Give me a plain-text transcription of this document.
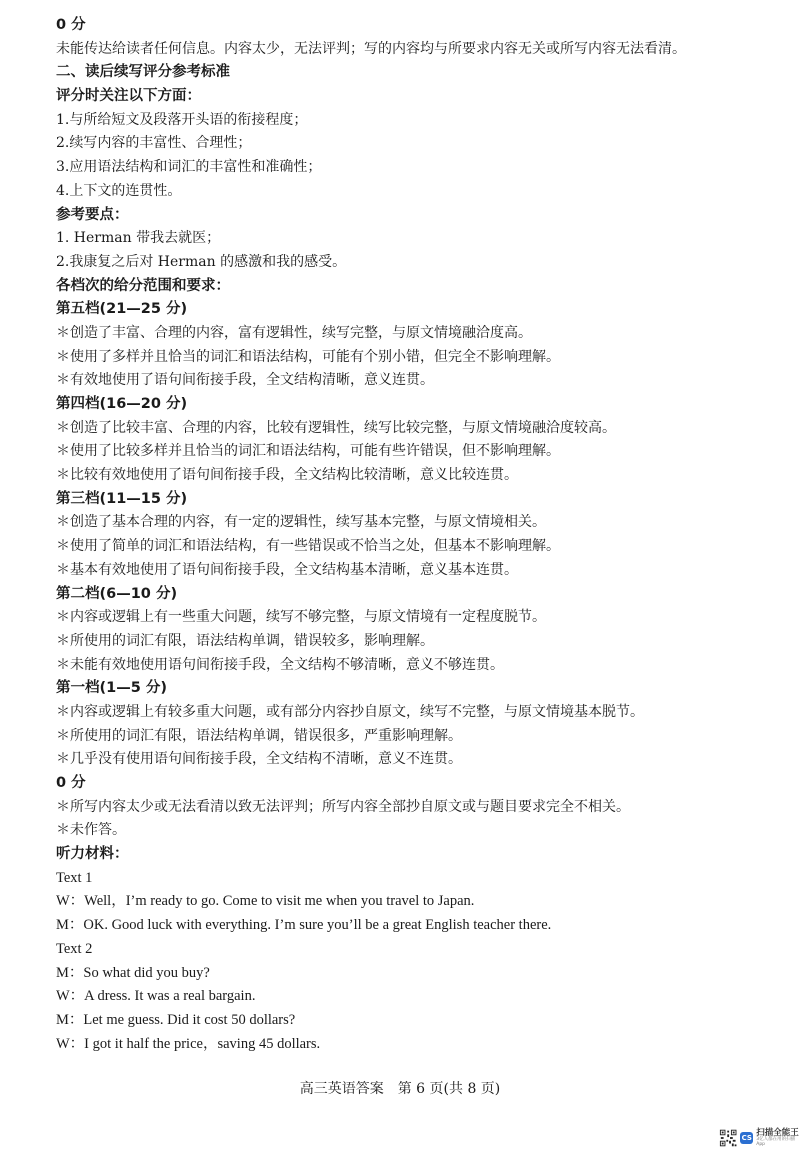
0 分
未能传达给读者任何信息。内容太少，无法评判；写的内容均与所要求内容无关或所写内容无法看清。
二、读后续写评分参考标准
评分时关注以下方面：
1.与所给短文及段落开头语的衔接程度；
2.续写内容的丰富性、合理性；
3.应用语法结构和词汇的丰富性和准确性；
4.上下文的连贯性。
参考要点：
1. Herman 带我去就医；
2.我康复之后对 Herman 的感激和我的感受。
各档次的给分范围和要求：
第五档(21—25 分)
＊创造了丰富、合理的内容，富有逻辑性，续写完整，与原文情境融洽度高。
＊使用了多样并且恰当的词汇和语法结构，可能有个别小错，但完全不影响理解。
＊有效地使用了语句间衔接手段，全文结构清晰，意义连贯。
第四档(16—20 分)
＊创造了比较丰富、合理的内容，比较有逻辑性，续写比较完整，与原文情境融洽度较高。
＊使用了比较多样并且恰当的词汇和语法结构，可能有些许错误，但不影响理解。
＊比较有效地使用了语句间衔接手段，全文结构比较清晰，意义比较连贯。
第三档(11—15 分)
＊创造了基本合理的内容，有一定的逻辑性，续写基本完整，与原文情境相关。
＊使用了简单的词汇和语法结构，有一些错误或不恰当之处，但基本不影响理解。
＊基本有效地使用了语句间衔接手段，全文结构基本清晰，意义基本连贯。
第二档(6—10 分)
＊内容或逻辑上有一些重大问题，续写不够完整，与原文情境有一定程度脱节。
＊所使用的词汇有限，语法结构单调，错误较多，影响理解。
＊未能有效地使用语句间衔接手段，全文结构不够清晰，意义不够连贯。
第一档(1—5 分)
＊内容或逻辑上有较多重大问题，或有部分内容抄自原文，续写不完整，与原文情境基本脱节。
＊所使用的词汇有限，语法结构单调，错误很多，严重影响理解。
＊几乎没有使用语句间衔接手段，全文结构不清晰，意义不连贯。
0 分
＊所写内容太少或无法看清以致无法评判；所写内容全部抄自原文或与题目要求完全不相关。
＊未作答。
听力材料：
Text 1
W：Well，I’m ready to go. Come to visit me when you travel to Japan.
M：OK. Good luck with everything. I’m sure you’ll be a great English teacher there.
Text 2
M：So what did you buy?
W：A dress. It was a real bargain.
M：Let me guess. Did it cost 50 dollars?
W：I got it half the price，saving 45 dollars.
高三英语答案　第 6 页(共 8 页)
CS
扫描全能王
3亿人都在用的扫描App
